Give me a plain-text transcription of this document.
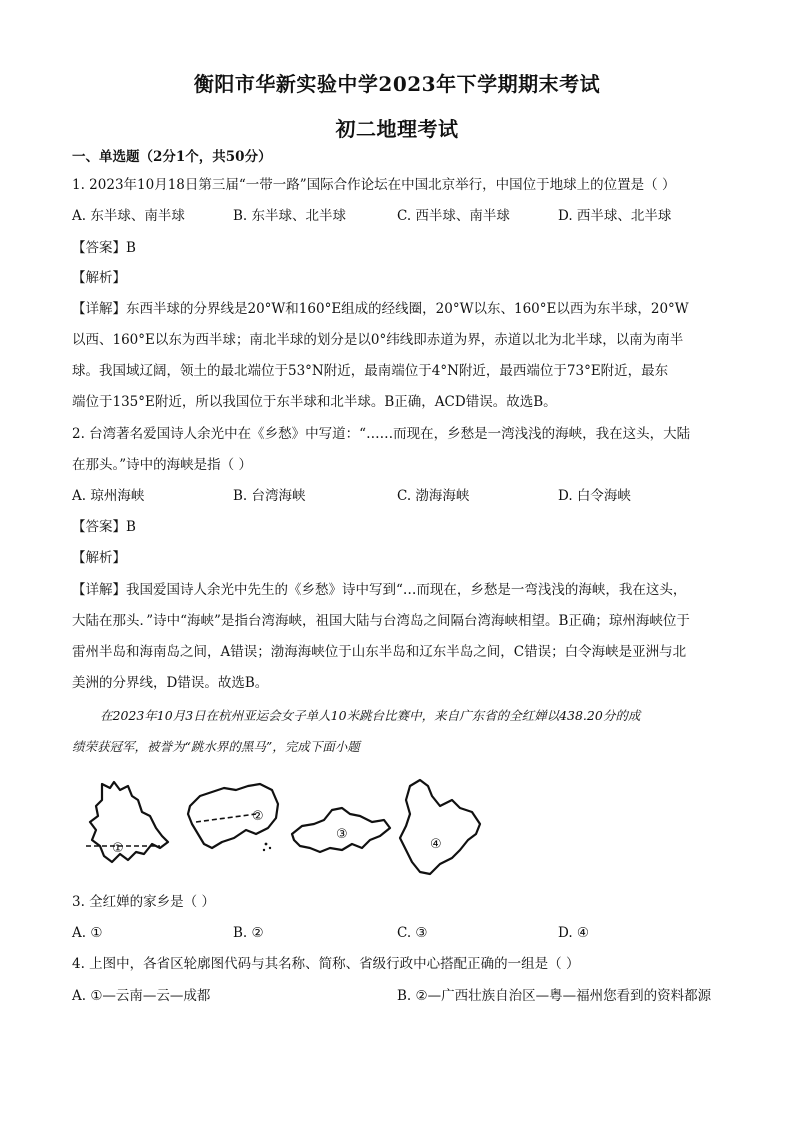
衡阳市华新实验中学2023年下学期期末考试
初二地理考试
一、单选题（2分1个，共50分）
1. 2023年10月18日第三届“一带一路”国际合作论坛在中国北京举行，中国位于地球上的位置是（ ）
A. 东半球、南半球	B. 东半球、北半球	C. 西半球、南半球	D. 西半球、北半球
【答案】B
【解析】
【详解】东西半球的分界线是20°W和160°E组成的经线圈，20°W以东、160°E以西为东半球，20°W
以西、160°E以东为西半球；南北半球的划分是以0°纬线即赤道为界，赤道以北为北半球，以南为南半
球。我国域辽阔，领土的最北端位于53°N附近，最南端位于4°N附近，最西端位于73°E附近，最东
端位于135°E附近，所以我国位于东半球和北半球。B正确，ACD错误。故选B。
2. 台湾著名爱国诗人余光中在《乡愁》中写道：“……而现在，乡愁是一湾浅浅的海峡，我在这头，大陆
在那头。”诗中的海峡是指（ ）
A. 琼州海峡	B. 台湾海峡	C. 渤海海峡	D. 白令海峡
【答案】B
【解析】
【详解】我国爱国诗人余光中先生的《乡愁》诗中写到“…而现在，乡愁是一弯浅浅的海峡，我在这头，
大陆在那头．”诗中“海峡”是指台湾海峡，祖国大陆与台湾岛之间隔台湾海峡相望。B正确；琼州海峡位于
雷州半岛和海南岛之间，A错误；渤海海峡位于山东半岛和辽东半岛之间，C错误；白令海峡是亚洲与北
美洲的分界线，D错误。故选B。
在2023年10月3日在杭州亚运会女子单人10米跳台比赛中，来自广东省的全红婵以438.20分的成
绩荣获冠军，被誉为“跳水界的黑马”，完成下面小题
①
②
③
④
3. 全红婵的家乡是（ ）
A. ①	B. ②	C. ③	D. ④
4. 上图中，各省区轮廓图代码与其名称、简称、省级行政中心搭配正确的一组是（ ）
A. ①—云南—云—成都	B. ②—广西壮族自治区—粤—福州您看到的资料都源
